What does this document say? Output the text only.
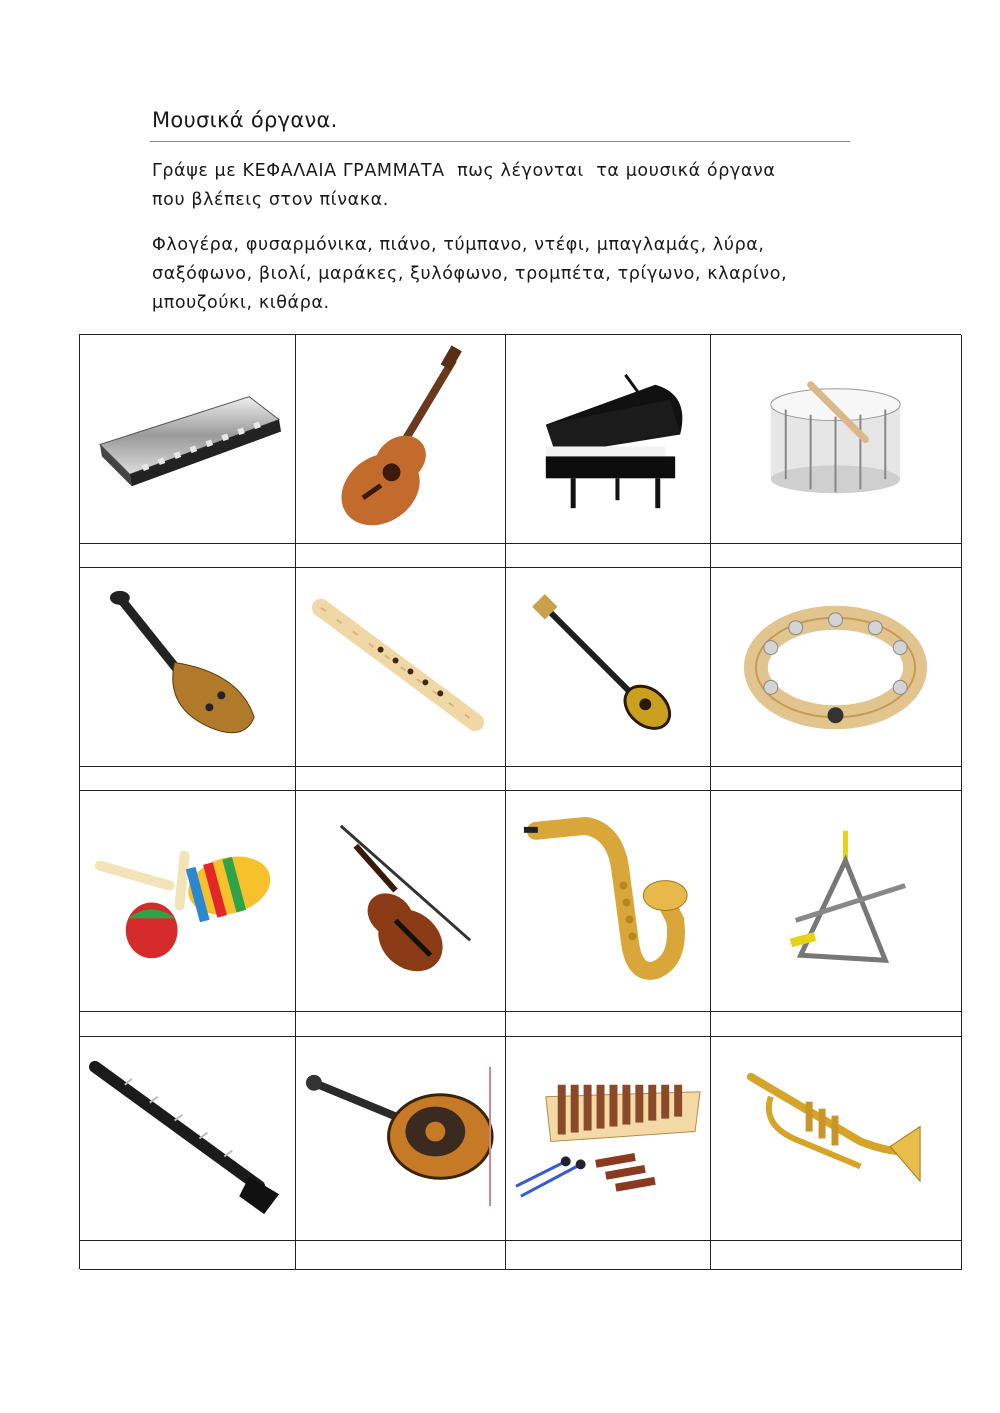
Μουσικά όργανα.
Γράψε με ΚΕΦΑΛΑΙΑ ΓΡΑΜΜΑΤΑ  πως λέγονται  τα μουσικά όργανα
που βλέπεις στον πίνακα.
Φλογέρα, φυσαρμόνικα, πιάνο, τύμπανο, ντέφι, μπαγλαμάς, λύρα,
σαξόφωνο, βιολί, μαράκες, ξυλόφωνο, τρομπέτα, τρίγωνο, κλαρίνο,
μπουζούκι, κιθάρα.
